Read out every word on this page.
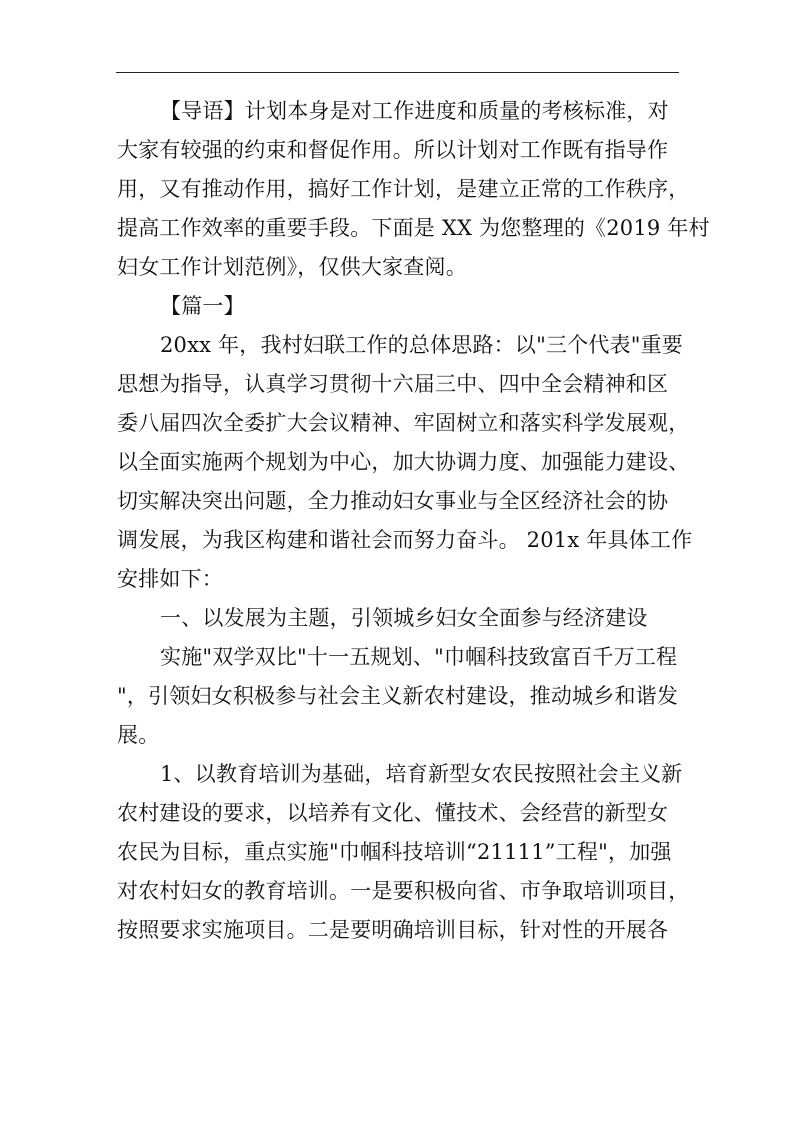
【导语】计划本身是对工作进度和质量的考核标准，对
大家有较强的约束和督促作用。所以计划对工作既有指导作
用，又有推动作用，搞好工作计划，是建立正常的工作秩序，
提高工作效率的重要手段。下面是 XX 为您整理的《2019 年村
妇女工作计划范例》，仅供大家查阅。
【篇一】
20xx 年，我村妇联工作的总体思路：以"三个代表"重要
思想为指导，认真学习贯彻十六届三中、四中全会精神和区
委八届四次全委扩大会议精神、牢固树立和落实科学发展观，
以全面实施两个规划为中心，加大协调力度、加强能力建设、
切实解决突出问题，全力推动妇女事业与全区经济社会的协
调发展，为我区构建和谐社会而努力奋斗。 201x 年具体工作
安排如下：
一、以发展为主题，引领城乡妇女全面参与经济建设
实施"双学双比"十一五规划、"巾帼科技致富百千万工程
"，引领妇女积极参与社会主义新农村建设，推动城乡和谐发
展。
1、以教育培训为基础，培育新型女农民按照社会主义新
农村建设的要求，以培养有文化、懂技术、会经营的新型女
农民为目标，重点实施"巾帼科技培训“21111”工程"，加强
对农村妇女的教育培训。一是要积极向省、市争取培训项目，
按照要求实施项目。二是要明确培训目标，针对性的开展各
